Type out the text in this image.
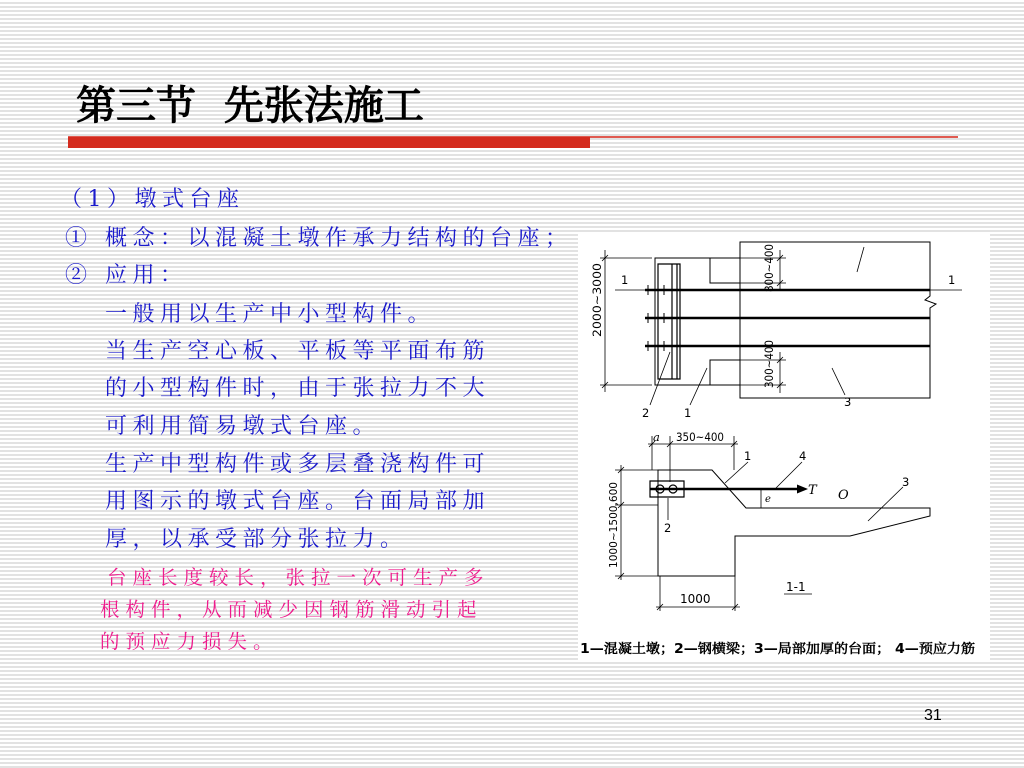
第三节  先张法施工
（1）墩式台座
① 概念：以混凝土墩作承力结构的台座；
② 应用：
一般用以生产中小型构件。
当生产空心板、平板等平面布筋
的小型构件时，由于张拉力不大
可利用简易墩式台座。
生产中型构件或多层叠浇构件可
用图示的墩式台座。台面局部加
厚，以承受部分张拉力。
台座长度较长，张拉一次可生产多
根构件，从而减少因钢筋滑动引起
的预应力损失。
1	1
2000~3000
800~400
300~400
2	1
3
a 350~400
1	4
e
T O
3
2
1000~1500,600
1-1
1000
1—混凝土墩；2—钢横梁；3—局部加厚的台面； 4—预应力筋
31
